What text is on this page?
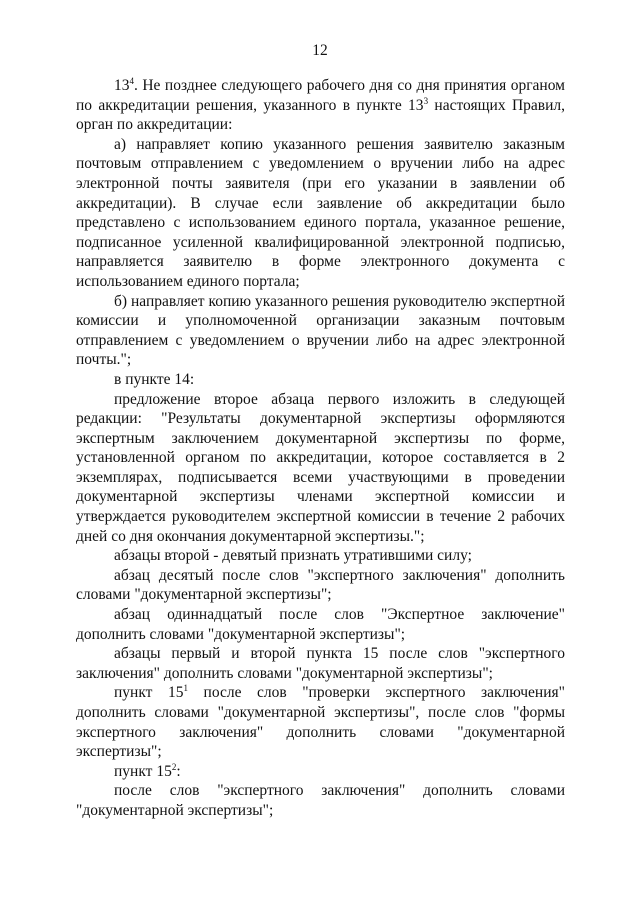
12

$13^4$. Не позднее следующего рабочего дня со дня принятия органом по аккредитации решения, указанного в пункте $13^3$ настоящих Правил, орган по аккредитации:

а) направляет копию указанного решения заявителю заказным почтовым отправлением с уведомлением о вручении либо на адрес электронной почты заявителя (при его указании в заявлении об аккредитации). В случае если заявление об аккредитации было представлено с использованием единого портала, указанное решение, подписанное усиленной квалифицированной электронной подписью, направляется заявителю в форме электронного документа с использованием единого портала;

б) направляет копию указанного решения руководителю экспертной комиссии и уполномоченной организации заказным почтовым отправлением с уведомлением о вручении либо на адрес электронной почты.";

в пункте 14:

предложение второе абзаца первого изложить в следующей редакции: "Результаты документарной экспертизы оформляются экспертным заключением документарной экспертизы по форме, установленной органом по аккредитации, которое составляется в 2 экземплярах, подписывается всеми участвующими в проведении документарной экспертизы членами экспертной комиссии и утверждается руководителем экспертной комиссии в течение 2 рабочих дней со дня окончания документарной экспертизы.";

абзацы второй - девятый признать утратившими силу;

абзац десятый после слов "экспертного заключения" дополнить словами "документарной экспертизы";

абзац одиннадцатый после слов "Экспертное заключение" дополнить словами "документарной экспертизы";

абзацы первый и второй пункта 15 после слов "экспертного заключения" дополнить словами "документарной экспертизы";

пункт $15^1$ после слов "проверки экспертного заключения" дополнить словами "документарной экспертизы", после слов "формы экспертного заключения" дополнить словами "документарной экспертизы";

пункт $15^2$:

после слов "экспертного заключения" дополнить словами "документарной экспертизы";
